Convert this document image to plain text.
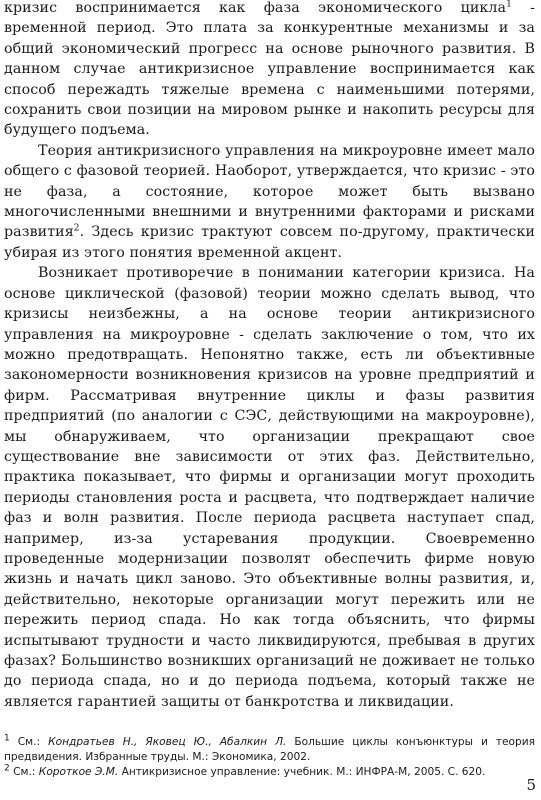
кризис воспринимается как фаза экономического цикла$^1$ - временной период. Это плата за конкурентные механизмы и за общий экономический прогресс на основе рыночного развития. В данном случае антикризисное управление воспринимается как способ пережадть тяжелые времена с наименьшими потерями, сохранить свои позиции на мировом рынке и накопить ресурсы для будущего подъема.

Теория антикризисного управления на микроуровне имеет мало общего с фазовой теорией. Наоборот, утверждается, что кризис - это не фаза, а состояние, которое может быть вызвано многочисленными внешними и внутренними факторами и рисками развития$^2$. Здесь кризис трактуют совсем по-другому, практически убирая из этого понятия временной акцент.

Возникает противоречие в понимании категории кризиса. На основе циклической (фазовой) теории можно сделать вывод, что кризисы неизбежны, а на основе теории антикризисного управления на микроуровне - сделать заключение о том, что их можно предотвращать. Непонятно также, есть ли объективные закономерности возникновения кризисов на уровне предприятий и фирм. Рассматривая внутренние циклы и фазы развития предприятий (по аналогии с СЭС, действующими на макроуровне), мы обнаруживаем, что организации прекращают свое существование вне зависимости от этих фаз. Действительно, практика показывает, что фирмы и организации могут проходить периоды становления роста и расцвета, что подтверждает наличие фаз и волн развития. После периода расцвета наступает спад, например, из-за устаревания продукции. Своевременно проведенные модернизации позволят обеспечить фирме новую жизнь и начать цикл заново. Это объективные волны развития, и, действительно, некоторые организации могут пережить или не пережить период спада. Но как тогда объяснить, что фирмы испытывают трудности и часто ликвидируются, пребывая в других фазах? Большинство возникших организаций не доживает не только до периода спада, но и до периода подъема, который также не является гарантией защиты от банкротства и ликвидации.

$^1$ См.: Кондратьев Н., Яковец Ю., Абалкин Л. Большие циклы конъюнктуры и теория предвидения. Избранные труды. М.: Экономика, 2002.

$^2$ См.: Короткое Э.М. Антикризисное управление: учебник. М.: ИНФРА-М, 2005. С. 620.

5
